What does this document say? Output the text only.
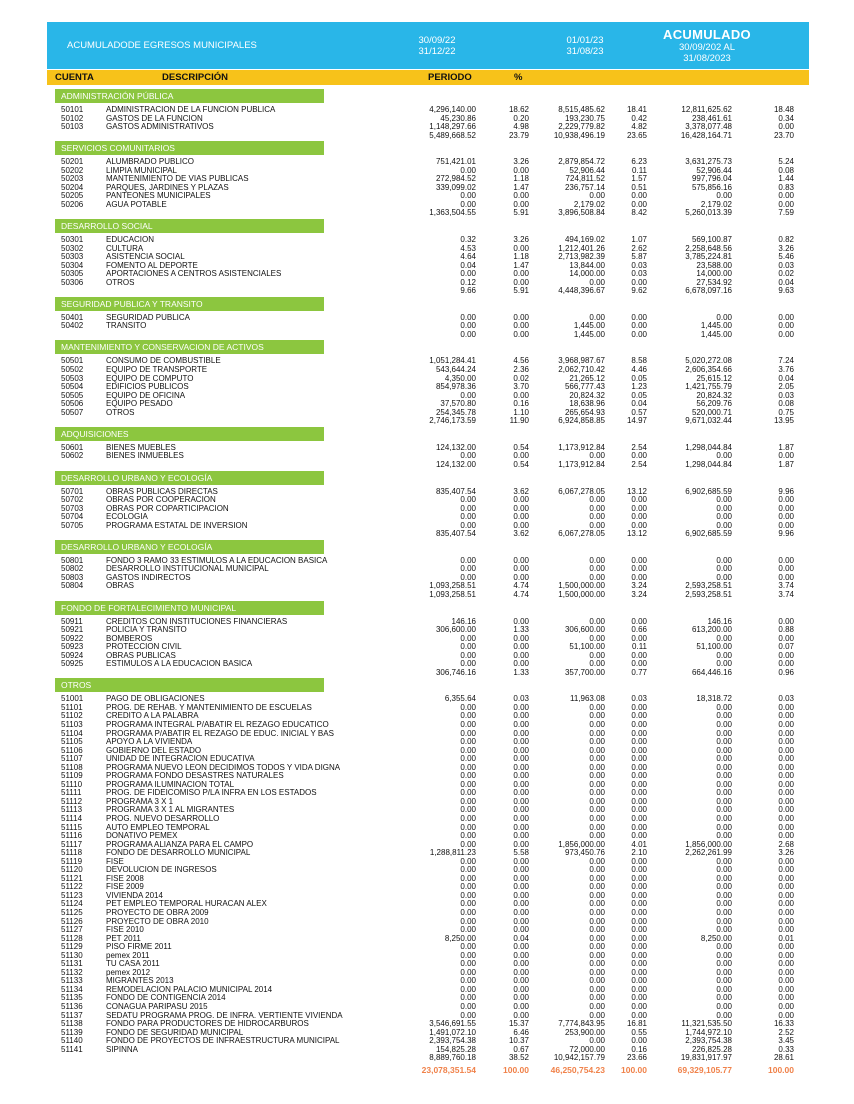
ACUMULADODE EGRESOS MUNICIPALES	30/09/22
31/12/22
01/01/23
31/08/23
ACUMULADO
30/09/202 AL
31/08/2023
CUENTA	DESCRIPCIÓN	PERIODO	%
ADMINISTRACIÓN PÚBLICA
50101	ADMINISTRACION DE LA FUNCION PUBLICA	4,296,140.00	18.62	8,515,485.62	18.41	12,811,625.62	18.48
50102	GASTOS DE LA FUNCION	45,230.86	0.20	193,230.75	0.42	238,461.61	0.34
50103	GASTOS ADMINISTRATIVOS	1,148,297.66	4.98	2,229,779.82	4.82	3,378,077.48	0.00
5,489,668.52	23.79	10,938,496.19	23.65	16,428,164.71	23.70
SERVICIOS COMUNITARIOS
50201	ALUMBRADO PUBLICO	751,421.01	3.26	2,879,854.72	6.23	3,631,275.73	5.24
50202	LIMPIA MUNICIPAL	0.00	0.00	52,906.44	0.11	52,906.44	0.08
50203	MANTENIMIENTO DE VIAS PUBLICAS	272,984.52	1.18	724,811.52	1.57	997,796.04	1.44
50204	PARQUES, JARDINES Y PLAZAS	339,099.02	1.47	236,757.14	0.51	575,856.16	0.83
50205	PANTEONES MUNICIPALES	0.00	0.00	0.00	0.00	0.00	0.00
50206	AGUA POTABLE	0.00	0.00	2,179.02	0.00	2,179.02	0.00
1,363,504.55	5.91	3,896,508.84	8.42	5,260,013.39	7.59
DESARROLLO SOCIAL
50301	EDUCACION	0.32	3.26	494,169.02	1.07	569,100.87	0.82
50302	CULTURA	4.53	0.00	1,212,401.26	2.62	2,258,648.56	3.26
50303	ASISTENCIA SOCIAL	4.64	1.18	2,713,982.39	5.87	3,785,224.81	5.46
50304	FOMENTO AL DEPORTE	0.04	1.47	13,844.00	0.03	23,588.00	0.03
50305	APORTACIONES A CENTROS ASISTENCIALES	0.00	0.00	14,000.00	0.03	14,000.00	0.02
50306	OTROS	0.12	0.00	0.00	0.00	27,534.92	0.04
9.66	5.91	4,448,396.67	9.62	6,678,097.16	9.63
SEGURIDAD PUBLICA Y TRANSITO
50401	SEGURIDAD PUBLICA	0.00	0.00	0.00	0.00	0.00	0.00
50402	TRANSITO	0.00	0.00	1,445.00	0.00	1,445.00	0.00
0.00	0.00	1,445.00	0.00	1,445.00	0.00
MANTENIMIENTO Y CONSERVACION DE ACTIVOS
50501	CONSUMO DE COMBUSTIBLE	1,051,284.41	4.56	3,968,987.67	8.58	5,020,272.08	7.24
50502	EQUIPO DE TRANSPORTE	543,644.24	2.36	2,062,710.42	4.46	2,606,354.66	3.76
50503	EQUIPO DE COMPUTO	4,350.00	0.02	21,265.12	0.05	25,615.12	0.04
50504	EDIFICIOS PUBLICOS	854,978.36	3.70	566,777.43	1.23	1,421,755.79	2.05
50505	EQUIPO DE OFICINA	0.00	0.00	20,824.32	0.05	20,824.32	0.03
50506	EQUIPO PESADO	37,570.80	0.16	18,638.96	0.04	56,209.76	0.08
50507	OTROS	254,345.78	1.10	265,654.93	0.57	520,000.71	0.75
2,746,173.59	11.90	6,924,858.85	14.97	9,671,032.44	13.95
ADQUISICIONES
50601	BIENES MUEBLES	124,132.00	0.54	1,173,912.84	2.54	1,298,044.84	1.87
50602	BIENES INMUEBLES	0.00	0.00	0.00	0.00	0.00	0.00
124,132.00	0.54	1,173,912.84	2.54	1,298,044.84	1.87
DESARROLLO URBANO Y ECOLOGÍA
50701	OBRAS PUBLICAS DIRECTAS	835,407.54	3.62	6,067,278.05	13.12	6,902,685.59	9.96
50702	OBRAS POR COOPERACION	0.00	0.00	0.00	0.00	0.00	0.00
50703	OBRAS POR COPARTICIPACION	0.00	0.00	0.00	0.00	0.00	0.00
50704	ECOLOGIA	0.00	0.00	0.00	0.00	0.00	0.00
50705	PROGRAMA ESTATAL DE INVERSION	0.00	0.00	0.00	0.00	0.00	0.00
835,407.54	3.62	6,067,278.05	13.12	6,902,685.59	9.96
DESARROLLO URBANO Y ECOLOGÍA
50801	FONDO 3 RAMO 33 ESTIMULOS A LA EDUCACION BASICA	0.00	0.00	0.00	0.00	0.00	0.00
50802	DESARROLLO INSTITUCIONAL MUNICIPAL	0.00	0.00	0.00	0.00	0.00	0.00
50803	GASTOS INDIRECTOS	0.00	0.00	0.00	0.00	0.00	0.00
50804	OBRAS	1,093,258.51	4.74	1,500,000.00	3.24	2,593,258.51	3.74
1,093,258.51	4.74	1,500,000.00	3.24	2,593,258.51	3.74
FONDO DE FORTALECIMIENTO MUNICIPAL
50911	CREDITOS CON INSTITUCIONES FINANCIERAS	146.16	0.00	0.00	0.00	146.16	0.00
50921	POLICIA Y TRANSITO	306,600.00	1.33	306,600.00	0.66	613,200.00	0.88
50922	BOMBEROS	0.00	0.00	0.00	0.00	0.00	0.00
50923	PROTECCION CIVIL	0.00	0.00	51,100.00	0.11	51,100.00	0.07
50924	OBRAS PUBLICAS	0.00	0.00	0.00	0.00	0.00	0.00
50925	ESTIMULOS A LA EDUCACION BASICA	0.00	0.00	0.00	0.00	0.00	0.00
306,746.16	1.33	357,700.00	0.77	664,446.16	0.96
OTROS
51001	PAGO DE OBLIGACIONES	6,355.64	0.03	11,963.08	0.03	18,318.72	0.03
51101	PROG. DE REHAB. Y MANTENIMIENTO DE ESCUELAS	0.00	0.00	0.00	0.00	0.00	0.00
51102	CREDITO A LA PALABRA	0.00	0.00	0.00	0.00	0.00	0.00
51103	PROGRAMA INTEGRAL P/ABATIR EL REZAGO EDUCATICO	0.00	0.00	0.00	0.00	0.00	0.00
51104	PROGRAMA P/ABATIR EL REZAGO DE EDUC. INICIAL Y BAS	0.00	0.00	0.00	0.00	0.00	0.00
51105	APOYO A LA VIVIENDA	0.00	0.00	0.00	0.00	0.00	0.00
51106	GOBIERNO DEL ESTADO	0.00	0.00	0.00	0.00	0.00	0.00
51107	UNIDAD DE INTEGRACION EDUCATIVA	0.00	0.00	0.00	0.00	0.00	0.00
51108	PROGRAMA NUEVO LEON DECIDIMOS TODOS Y VIDA DIGNA	0.00	0.00	0.00	0.00	0.00	0.00
51109	PROGRAMA FONDO DESASTRES NATURALES	0.00	0.00	0.00	0.00	0.00	0.00
51110	PROGRAMA ILUMINACION TOTAL	0.00	0.00	0.00	0.00	0.00	0.00
51111	PROG. DE FIDEICOMISO P/LA INFRA EN LOS ESTADOS	0.00	0.00	0.00	0.00	0.00	0.00
51112	PROGRAMA 3 X 1	0.00	0.00	0.00	0.00	0.00	0.00
51113	PROGRAMA 3 X 1 AL MIGRANTES	0.00	0.00	0.00	0.00	0.00	0.00
51114	PROG. NUEVO DESARROLLO	0.00	0.00	0.00	0.00	0.00	0.00
51115	AUTO EMPLEO TEMPORAL	0.00	0.00	0.00	0.00	0.00	0.00
51116	DONATIVO PEMEX	0.00	0.00	0.00	0.00	0.00	0.00
51117	PROGRAMA ALIANZA PARA EL CAMPO	0.00	0.00	1,856,000.00	4.01	1,856,000.00	2.68
51118	FONDO DE DESARROLLO MUNICIPAL	1,288,811.23	5.58	973,450.76	2.10	2,262,261.99	3.26
51119	FISE	0.00	0.00	0.00	0.00	0.00	0.00
51120	DEVOLUCION DE INGRESOS	0.00	0.00	0.00	0.00	0.00	0.00
51121	FISE 2008	0.00	0.00	0.00	0.00	0.00	0.00
51122	FISE 2009	0.00	0.00	0.00	0.00	0.00	0.00
51123	VIVIENDA 2014	0.00	0.00	0.00	0.00	0.00	0.00
51124	PET EMPLEO TEMPORAL HURACAN ALEX	0.00	0.00	0.00	0.00	0.00	0.00
51125	PROYECTO DE OBRA 2009	0.00	0.00	0.00	0.00	0.00	0.00
51126	PROYECTO DE OBRA 2010	0.00	0.00	0.00	0.00	0.00	0.00
51127	FISE 2010	0.00	0.00	0.00	0.00	0.00	0.00
51128	PET 2011	8,250.00	0.04	0.00	0.00	8,250.00	0.01
51129	PISO FIRME 2011	0.00	0.00	0.00	0.00	0.00	0.00
51130	pemex 2011	0.00	0.00	0.00	0.00	0.00	0.00
51131	TU CASA 2011	0.00	0.00	0.00	0.00	0.00	0.00
51132	pemex 2012	0.00	0.00	0.00	0.00	0.00	0.00
51133	MIGRANTES 2013	0.00	0.00	0.00	0.00	0.00	0.00
51134	REMODELACION PALACIO MUNICIPAL 2014	0.00	0.00	0.00	0.00	0.00	0.00
51135	FONDO DE CONTIGENCIA 2014	0.00	0.00	0.00	0.00	0.00	0.00
51136	CONAGUA PARIPASU 2015	0.00	0.00	0.00	0.00	0.00	0.00
51137	SEDATU PROGRAMA PROG. DE INFRA. VERTIENTE VIVIENDA	0.00	0.00	0.00	0.00	0.00	0.00
51138	FONDO PARA PRODUCTORES DE HIDROCARBUROS	3,546,691.55	15.37	7,774,843.95	16.81	11,321,535.50	16.33
51139	FONDO DE SEGURIDAD MUNICIPAL	1,491,072.10	6.46	253,900.00	0.55	1,744,972.10	2.52
51140	FONDO DE PROYECTOS DE INFRAESTRUCTURA MUNICIPAL	2,393,754.38	10.37	0.00	0.00	2,393,754.38	3.45
51141	SIPINNA	154,825.28	0.67	72,000.00	0.16	226,825.28	0.33
8,889,760.18	38.52	10,942,157.79	23.66	19,831,917.97	28.61
23,078,351.54	100.00	46,250,754.23 100.00	69,329,105.77	100.00
